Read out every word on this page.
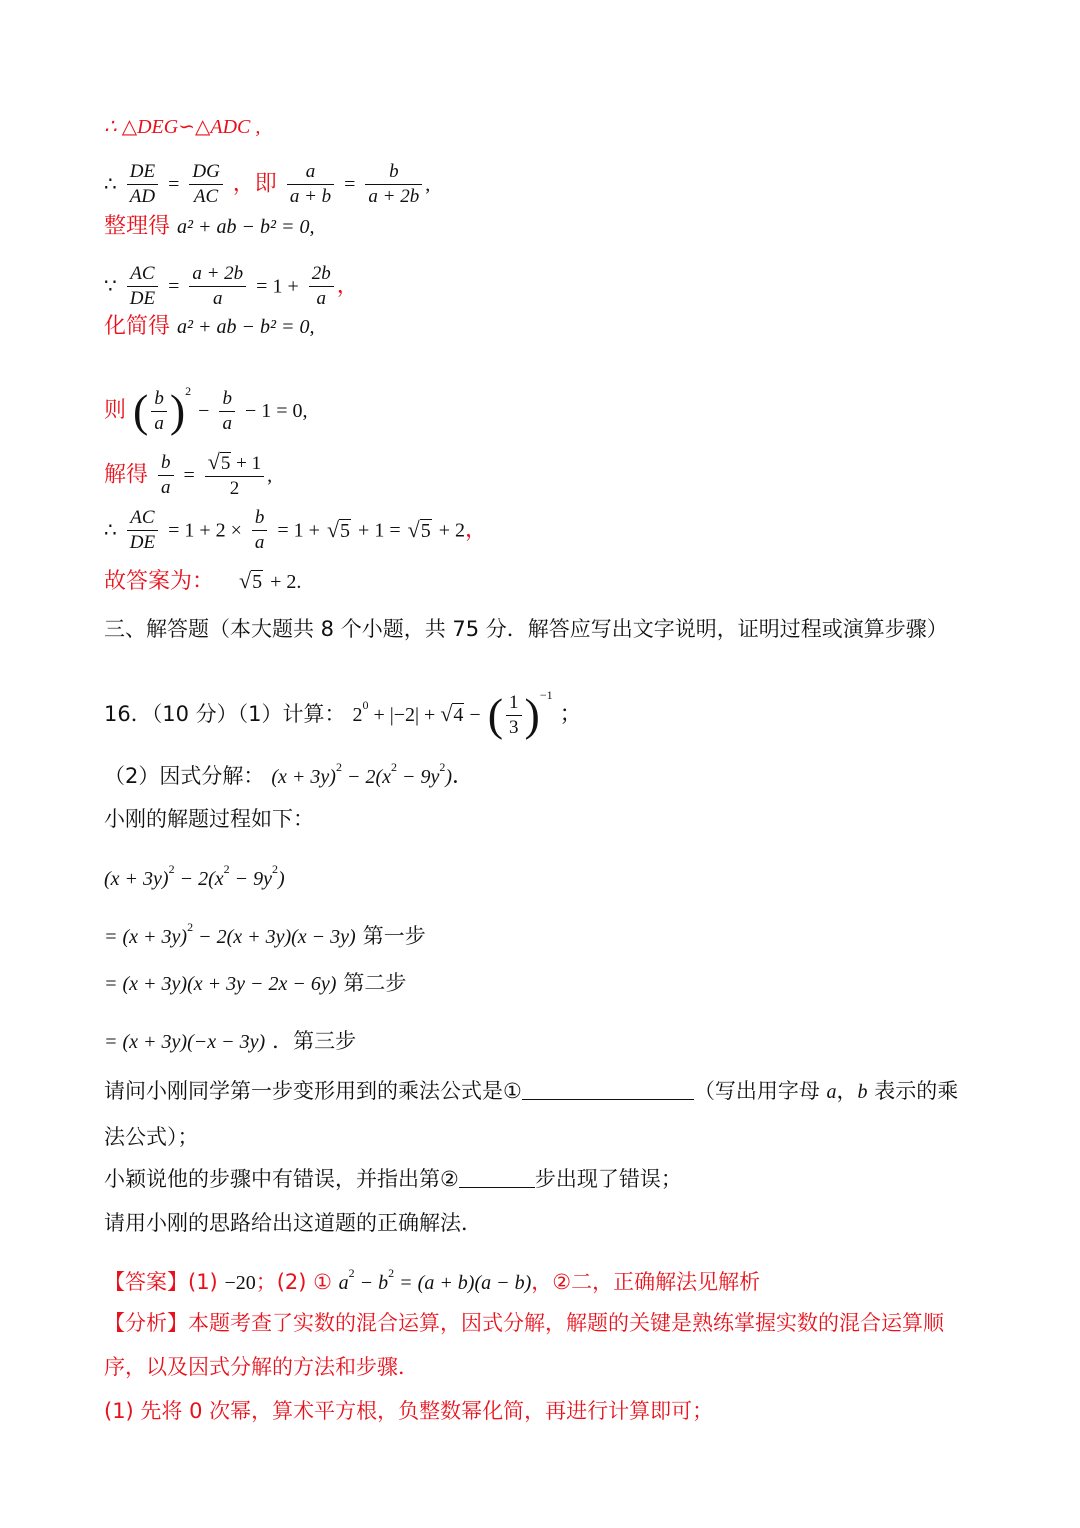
∴ △DEG∽△ADC ,
∴ $\frac{DE}{AD} = \frac{DG}{AC}$ ，即 $\frac{a}{a + b} = \frac{b}{a + 2b}$ ,
整理得 a² + ab − b² = 0,
∵ $\frac{AC}{DE} = \frac{a + 2b}{a} = 1 + \frac{2b}{a}$ ，
化简得 a² + ab − b² = 0,
则 ( $\frac{b}{a} )^2 - \frac{b}{a} - 1 = 0$,
解得 $\frac{b}{a} = \frac{√5 + 1}{2}$ ,
∴ $\frac{AC}{DE} = 1 + 2 \times \frac{b}{a} = 1 + √5 + 1 = √5 + 2$，
故答案为： √5 + 2.
三、解答题（本大题共 8 个小题，共 75 分．解答应写出文字说明，证明过程或演算步骤）
16．（10 分）（1）计算： $2^0 + |-2| + √4$ − ( $\frac{1}{3} )^{-1}$ ；
（2）因式分解： $(x + 3y)^2 - 2(x^2 - 9y^2)$．
小刚的解题过程如下：
$(x + 3y)^2 - 2(x^2 - 9y^2)$
= $(x + 3y)^2 - 2(x + 3y)(x - 3y)$ 第一步
= (x + 3y)(x + 3y − 2x − 6y) 第二步
= (x + 3y)(−x − 3y) ．第三步
请问小刚同学第一步变形用到的乘法公式是①	（写出用字母 a，b 表示的乘
法公式）；
小颖说他的步骤中有错误，并指出第②	步出现了错误；
请用小刚的思路给出这道题的正确解法．
【答案】(1) −20；(2) ① $a^2 - b^2 = (a + b)(a - b)$，②二，正确解法见解析
【分析】本题考查了实数的混合运算，因式分解，解题的关键是熟练掌握实数的混合运算顺
序，以及因式分解的方法和步骤．
(1) 先将 0 次幂，算术平方根，负整数幂化简，再进行计算即可；
